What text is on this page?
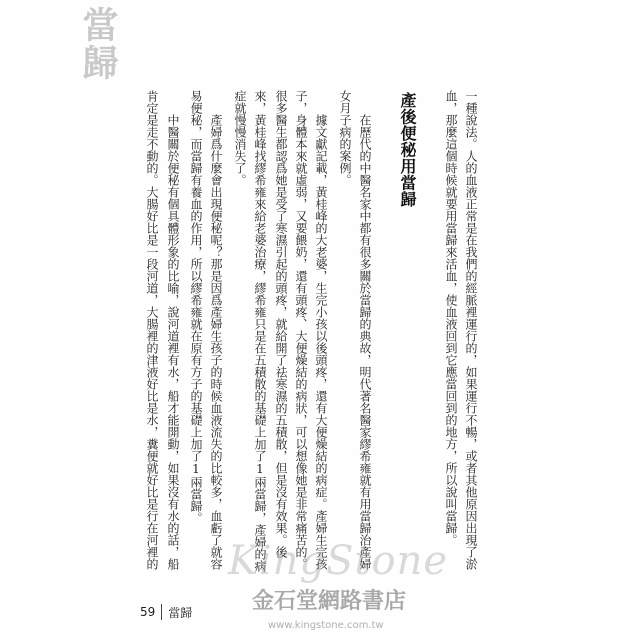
當歸
一種說法。人的血液正常是在我們的經脈裡運行的，如果運行不暢，或者其他原因出現了淤
血，那麼這個時候就要用當歸來活血，使血液回到它應當回到的地方，所以說叫當歸。
產後便秘用當歸
在歷代的中醫名家中都有很多關於當歸的典故，明代著名醫家繆希雍就有用當歸治產婦
女月子病的案例。
據文獻記載，黃桂峰的大老婆，生完小孩以後頭疼，還有大便燥結的病症。產婦生完孩
子，身體本來就虛弱，又要餵奶，還有頭疼、大便燥結的病狀，可以想像她是非常痛苦的。
很多醫生都認爲她是受了寒濕引起的頭疼，就給開了祛寒濕的五積散，但是沒有效果。後
來，黃桂峰找繆希雍來給老婆治療，繆希雍只是在五積散的基礎上加了1兩當歸，產婦的病
症就慢慢消失了。
產婦爲什麼會出現便秘呢？那是因爲產婦生孩子的時候血液流失的比較多，血虧了就容
易便秘，而當歸有養血的作用，所以繆希雍就在原有方子的基礎上加了1兩當歸。
中醫關於便秘有個具體形象的比喻，說河道裡有水，船才能開動，如果沒有水的話，船
肯定是走不動的。大腸好比是一段河道，大腸裡的津液好比是水，糞便就好比是行在河裡的 KingStone
金石堂網路書店
www.kingstone.com.tw
59 當歸
